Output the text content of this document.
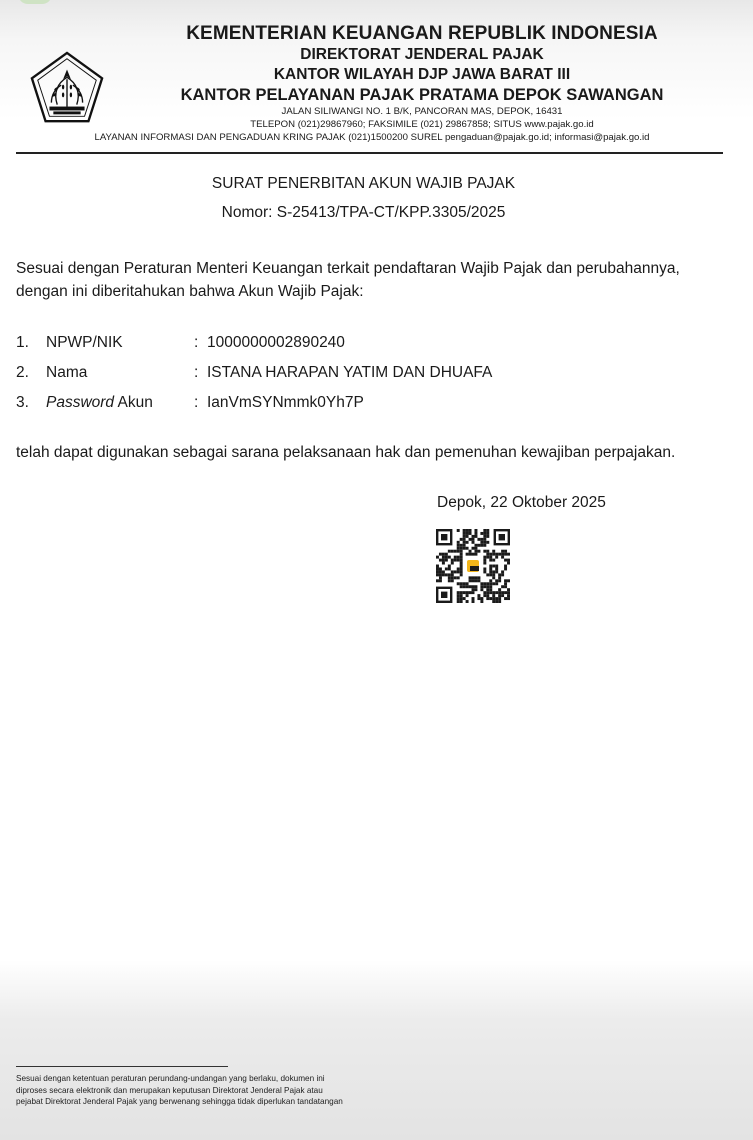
KEMENTERIAN KEUANGAN REPUBLIK INDONESIA
DIREKTORAT JENDERAL PAJAK
KANTOR WILAYAH DJP JAWA BARAT III
KANTOR PELAYANAN PAJAK PRATAMA DEPOK SAWANGAN
JALAN SILIWANGI NO. 1 B/K, PANCORAN MAS, DEPOK, 16431
TELEPON (021)29867960; FAKSIMILE (021) 29867858; SITUS www.pajak.go.id
LAYANAN INFORMASI DAN PENGADUAN KRING PAJAK (021)1500200 SUREL pengaduan@pajak.go.id; informasi@pajak.go.id
SURAT PENERBITAN AKUN WAJIB PAJAK
Nomor: S-25413/TPA-CT/KPP.3305/2025
Sesuai dengan Peraturan Menteri Keuangan terkait pendaftaran Wajib Pajak dan perubahannya,
dengan ini diberitahukan bahwa Akun Wajib Pajak:
1. NPWP/NIK	: 1000000002890240
2. Nama	: ISTANA HARAPAN YATIM DAN DHUAFA
3. Password Akun	: IanVmSYNmmk0Yh7P
telah dapat digunakan sebagai sarana pelaksanaan hak dan pemenuhan kewajiban perpajakan.
Depok, 22 Oktober 2025
Sesuai dengan ketentuan peraturan perundang-undangan yang berlaku, dokumen ini
diproses secara elektronik dan merupakan keputusan Direktorat Jenderal Pajak atau
pejabat Direktorat Jenderal Pajak yang berwenang sehingga tidak diperlukan tandatangan
